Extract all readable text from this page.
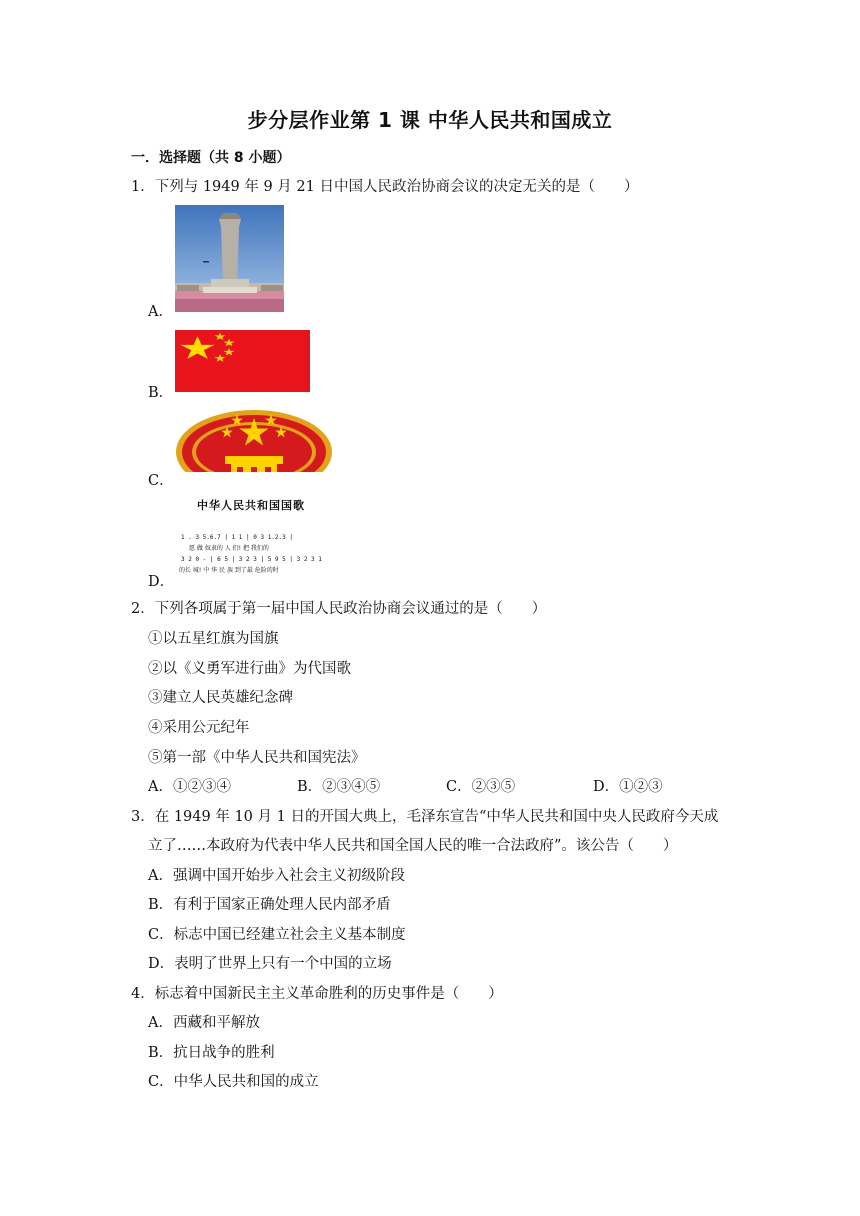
步分层作业第 1 课 中华人民共和国成立
一．选择题（共 8 小题）
1．下列与 1949 年 9 月 21 日中国人民政治协商会议的决定无关的是（　　）
A．
B．
C．
中华人民共和国国歌
1 . 3 5.6.7 | 1 1 | 0 3 1.2.3 |
愿 做 奴隶的 人 们! 把 我们的
3 2 0 - | 6 5 | 3 2 3 | 5 9 5 | 3 2 3 1
的长 城! 中 华 民 族 到了最 危险的时
D．
2．下列各项属于第一届中国人民政治协商会议通过的是（　　）
①以五星红旗为国旗
②以《义勇军进行曲》为代国歌
③建立人民英雄纪念碑
④采用公元纪年
⑤第一部《中华人民共和国宪法》
A．①②③④	B．②③④⑤	C．②③⑤	D．①②③
3．在 1949 年 10 月 1 日的开国大典上，毛泽东宣告“中华人民共和国中央人民政府今天成
立了……本政府为代表中华人民共和国全国人民的唯一合法政府”。该公告（　　）
A．强调中国开始步入社会主义初级阶段
B．有利于国家正确处理人民内部矛盾
C．标志中国已经建立社会主义基本制度
D．表明了世界上只有一个中国的立场
4．标志着中国新民主主义革命胜利的历史事件是（　　）
A．西藏和平解放
B．抗日战争的胜利
C．中华人民共和国的成立
